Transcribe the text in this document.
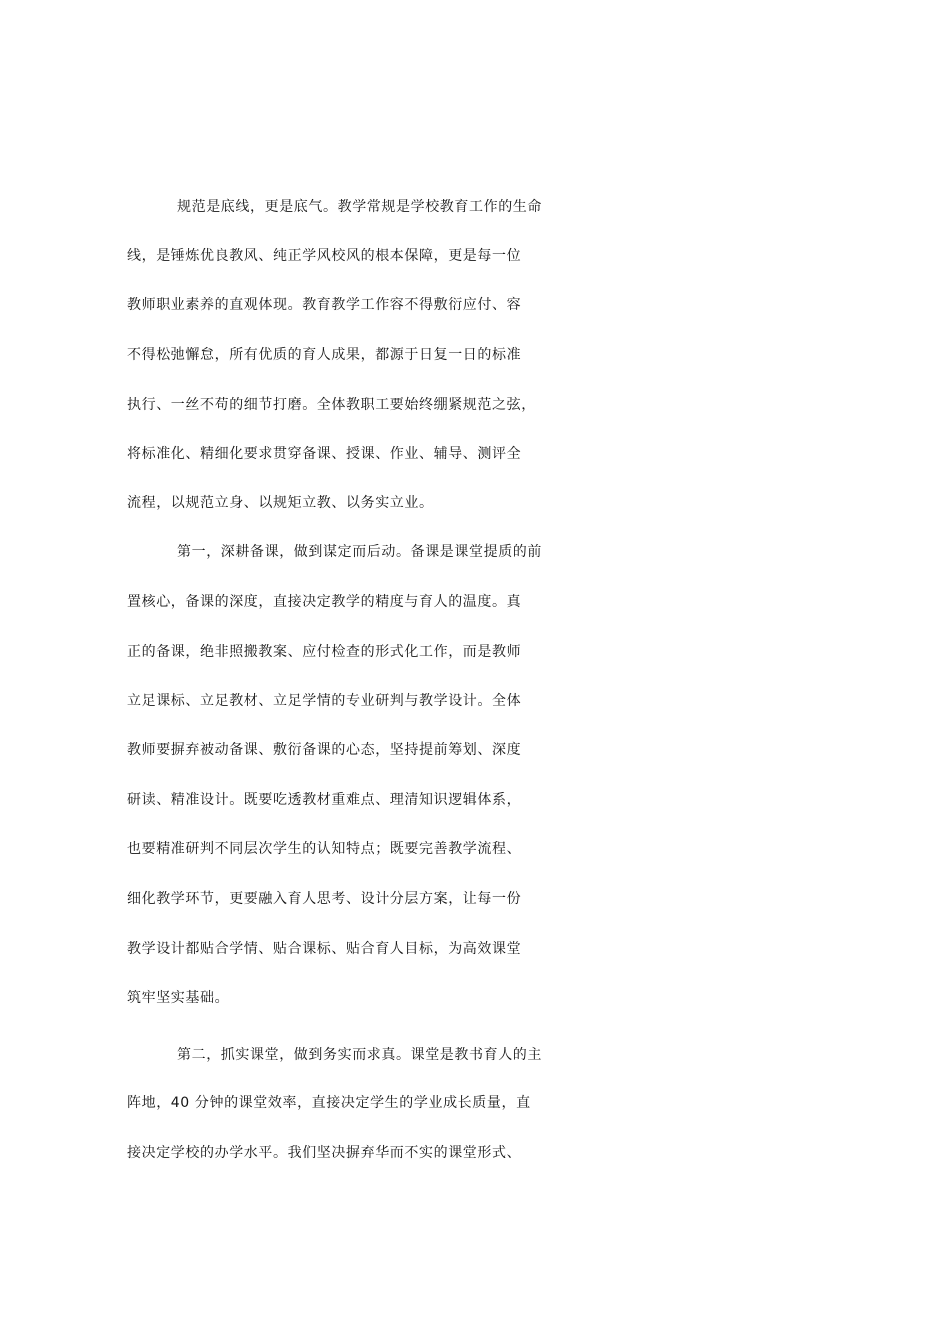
规范是底线，更是底气。教学常规是学校教育工作的生命
线，是锤炼优良教风、纯正学风校风的根本保障，更是每一位
教师职业素养的直观体现。教育教学工作容不得敷衍应付、容
不得松弛懈怠，所有优质的育人成果，都源于日复一日的标准
执行、一丝不苟的细节打磨。全体教职工要始终绷紧规范之弦，
将标准化、精细化要求贯穿备课、授课、作业、辅导、测评全
流程，以规范立身、以规矩立教、以务实立业。
第一，深耕备课，做到谋定而后动。备课是课堂提质的前
置核心，备课的深度，直接决定教学的精度与育人的温度。真
正的备课，绝非照搬教案、应付检查的形式化工作，而是教师
立足课标、立足教材、立足学情的专业研判与教学设计。全体
教师要摒弃被动备课、敷衍备课的心态，坚持提前筹划、深度
研读、精准设计。既要吃透教材重难点、理清知识逻辑体系，
也要精准研判不同层次学生的认知特点；既要完善教学流程、
细化教学环节，更要融入育人思考、设计分层方案，让每一份
教学设计都贴合学情、贴合课标、贴合育人目标，为高效课堂
筑牢坚实基础。
第二，抓实课堂，做到务实而求真。课堂是教书育人的主
阵地，40 分钟的课堂效率，直接决定学生的学业成长质量，直
接决定学校的办学水平。我们坚决摒弃华而不实的课堂形式、
